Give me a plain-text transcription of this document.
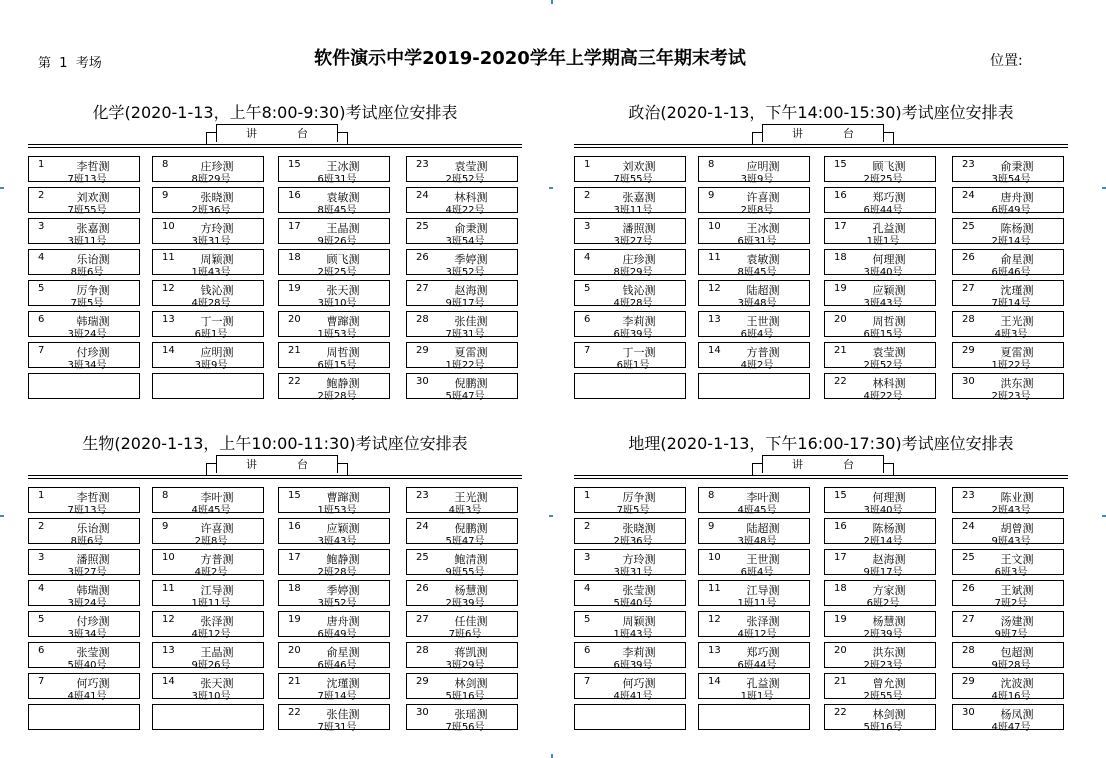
第  1  考场	软件演示中学2019-2020学年上学期高三年期末考试	位置:
化学(2020-1-13，上午8:00-9:30)考试座位安排表
讲	台
1	李哲测
7班13号
2	刘欢测
7班55号
3	张嘉测
3班11号
4	乐诒测
8班6号
5	厉争测
7班5号
6	韩瑞测
3班24号
7	付珍测
3班34号
8	庄珍测
8班29号
9	张晓测
2班36号
10	方玲测
3班31号
11	周颖测
1班43号
12	钱沁测
4班28号
13	丁一测
6班1号
14	应明测
3班9号
15	王冰测
6班31号
16	袁敏测
8班45号
17	王晶测
9班26号
18	顾飞测
2班25号
19	张天测
3班10号
20	曹蹿测
1班53号
21	周哲测
6班15号
22	鲍静测
2班28号
23	袁莹测
2班52号
24	林科测
4班22号
25	俞秉测
3班54号
26	季婷测
3班52号
27	赵海测
9班17号
28	张佳测
7班31号
29	夏雷测
1班22号
30	倪鹏测
5班47号
政治(2020-1-13，下午14:00-15:30)考试座位安排表
讲	台
1	刘欢测
7班55号
2	张嘉测
3班11号
3	潘照测
3班27号
4	庄珍测
8班29号
5	钱沁测
4班28号
6	李莉测
6班39号
7	丁一测
6班1号
8	应明测
3班9号
9	许喜测
2班8号
10	王冰测
6班31号
11	袁敏测
8班45号
12	陆超测
3班48号
13	王世测
6班4号
14	方普测
4班2号
15	顾飞测
2班25号
16	郑巧测
6班44号
17	孔益测
1班1号
18	何理测
3班40号
19	应颖测
3班43号
20	周哲测
6班15号
21	袁莹测
2班52号
22	林科测
4班22号
23	俞秉测
3班54号
24	唐舟测
6班49号
25	陈杨测
2班14号
26	俞星测
6班46号
27	沈瑾测
7班14号
28	王光测
4班3号
29	夏雷测
1班22号
30	洪东测
2班23号
生物(2020-1-13，上午10:00-11:30)考试座位安排表
讲	台
1	李哲测
7班13号
2	乐诒测
8班6号
3	潘照测
3班27号
4	韩瑞测
3班24号
5	付珍测
3班34号
6	张莹测
5班40号
7	何巧测
4班41号
8	李叶测
4班45号
9	许喜测
2班8号
10	方普测
4班2号
11	江导测
1班11号
12	张泽测
4班12号
13	王晶测
9班26号
14	张天测
3班10号
15	曹蹿测
1班53号
16	应颖测
3班43号
17	鲍静测
2班28号
18	季婷测
3班52号
19	唐舟测
6班49号
20	俞星测
6班46号
21	沈瑾测
7班14号
22	张佳测
7班31号
23	王光测
4班3号
24	倪鹏测
5班47号
25	鲍清测
9班55号
26	杨慧测
2班39号
27	任佳测
7班6号
28	蒋凯测
3班29号
29	林剑测
5班16号
30	张瑶测
7班56号
地理(2020-1-13，下午16:00-17:30)考试座位安排表
讲	台
1	厉争测
7班5号
2	张晓测
2班36号
3	方玲测
3班31号
4	张莹测
5班40号
5	周颖测
1班43号
6	李莉测
6班39号
7	何巧测
4班41号
8	李叶测
4班45号
9	陆超测
3班48号
10	王世测
6班4号
11	江导测
1班11号
12	张泽测
4班12号
13	郑巧测
6班44号
14	孔益测
1班1号
15	何理测
3班40号
16	陈杨测
2班14号
17	赵海测
9班17号
18	方家测
6班2号
19	杨慧测
2班39号
20	洪东测
2班23号
21	曾允测
2班55号
22	林剑测
5班16号
23	陈业测
2班43号
24	胡曾测
9班43号
25	王文测
6班3号
26	王斌测
7班2号
27	汤建测
9班7号
28	包超测
9班28号
29	沈波测
4班16号
30	杨凤测
4班47号
